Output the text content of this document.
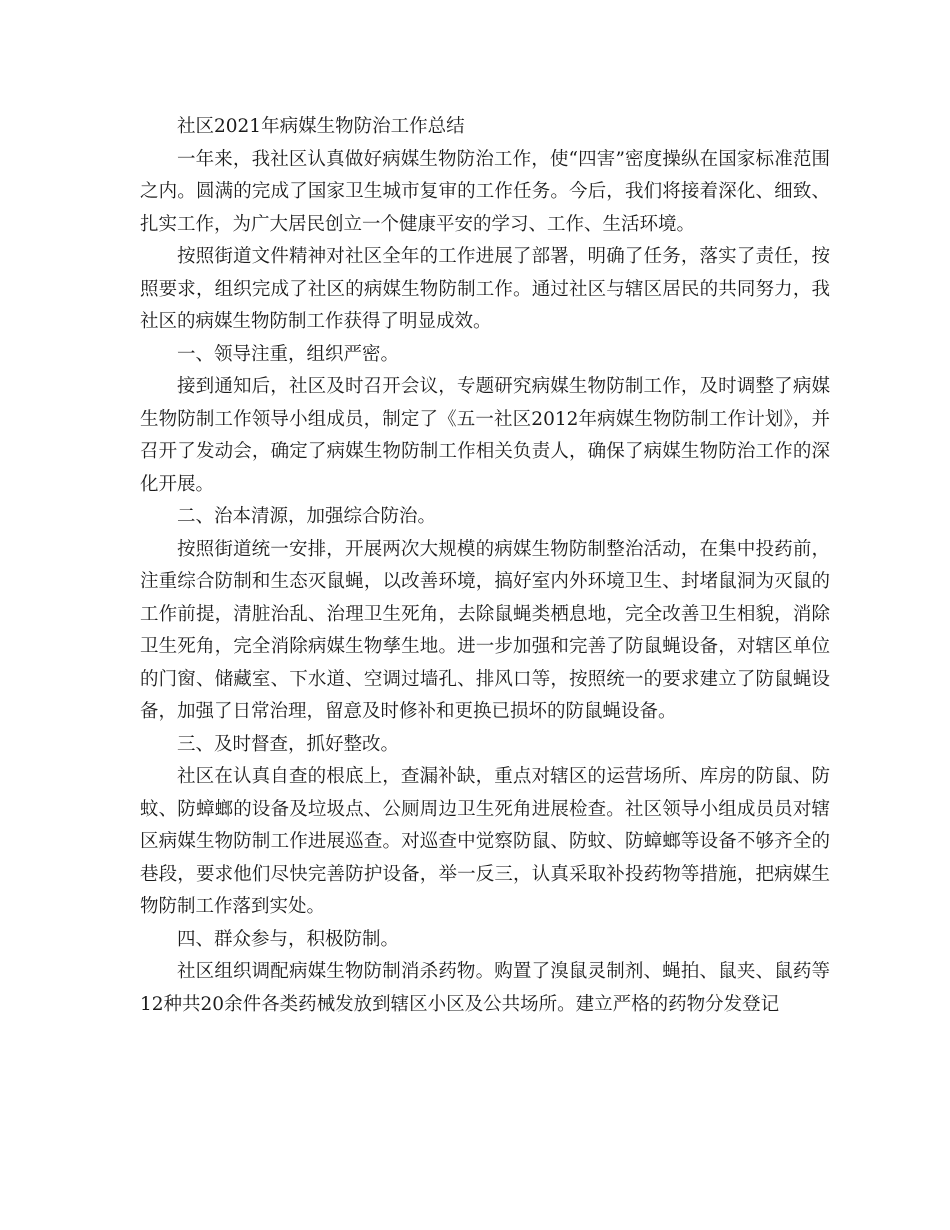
社区2021年病媒生物防治工作总结

一年来，我社区认真做好病媒生物防治工作，使“四害”密度操纵在国家标准范围之内。圆满的完成了国家卫生城市复审的工作任务。今后，我们将接着深化、细致、扎实工作，为广大居民创立一个健康平安的学习、工作、生活环境。

按照街道文件精神对社区全年的工作进展了部署，明确了任务，落实了责任，按照要求，组织完成了社区的病媒生物防制工作。通过社区与辖区居民的共同努力，我社区的病媒生物防制工作获得了明显成效。

一、领导注重，组织严密。

接到通知后，社区及时召开会议，专题研究病媒生物防制工作，及时调整了病媒生物防制工作领导小组成员，制定了《五一社区2012年病媒生物防制工作计划》，并召开了发动会，确定了病媒生物防制工作相关负责人，确保了病媒生物防治工作的深化开展。

二、治本清源，加强综合防治。

按照街道统一安排，开展两次大规模的病媒生物防制整治活动，在集中投药前，注重综合防制和生态灭鼠蝇，以改善环境，搞好室内外环境卫生、封堵鼠洞为灭鼠的工作前提，清脏治乱、治理卫生死角，去除鼠蝇类栖息地，完全改善卫生相貌，消除卫生死角，完全消除病媒生物孳生地。进一步加强和完善了防鼠蝇设备，对辖区单位的门窗、储藏室、下水道、空调过墙孔、排风口等，按照统一的要求建立了防鼠蝇设备，加强了日常治理，留意及时修补和更换已损坏的防鼠蝇设备。

三、及时督查，抓好整改。

社区在认真自查的根底上，查漏补缺，重点对辖区的运营场所、库房的防鼠、防蚊、防蟑螂的设备及垃圾点、公厕周边卫生死角进展检查。社区领导小组成员员对辖区病媒生物防制工作进展巡查。对巡查中觉察防鼠、防蚊、防蟑螂等设备不够齐全的巷段，要求他们尽快完善防护设备，举一反三，认真采取补投药物等措施，把病媒生物防制工作落到实处。

四、群众参与，积极防制。

社区组织调配病媒生物防制消杀药物。购置了溴鼠灵制剂、蝇拍、鼠夹、鼠药等12种共20余件各类药械发放到辖区小区及公共场所。建立严格的药物分发登记
